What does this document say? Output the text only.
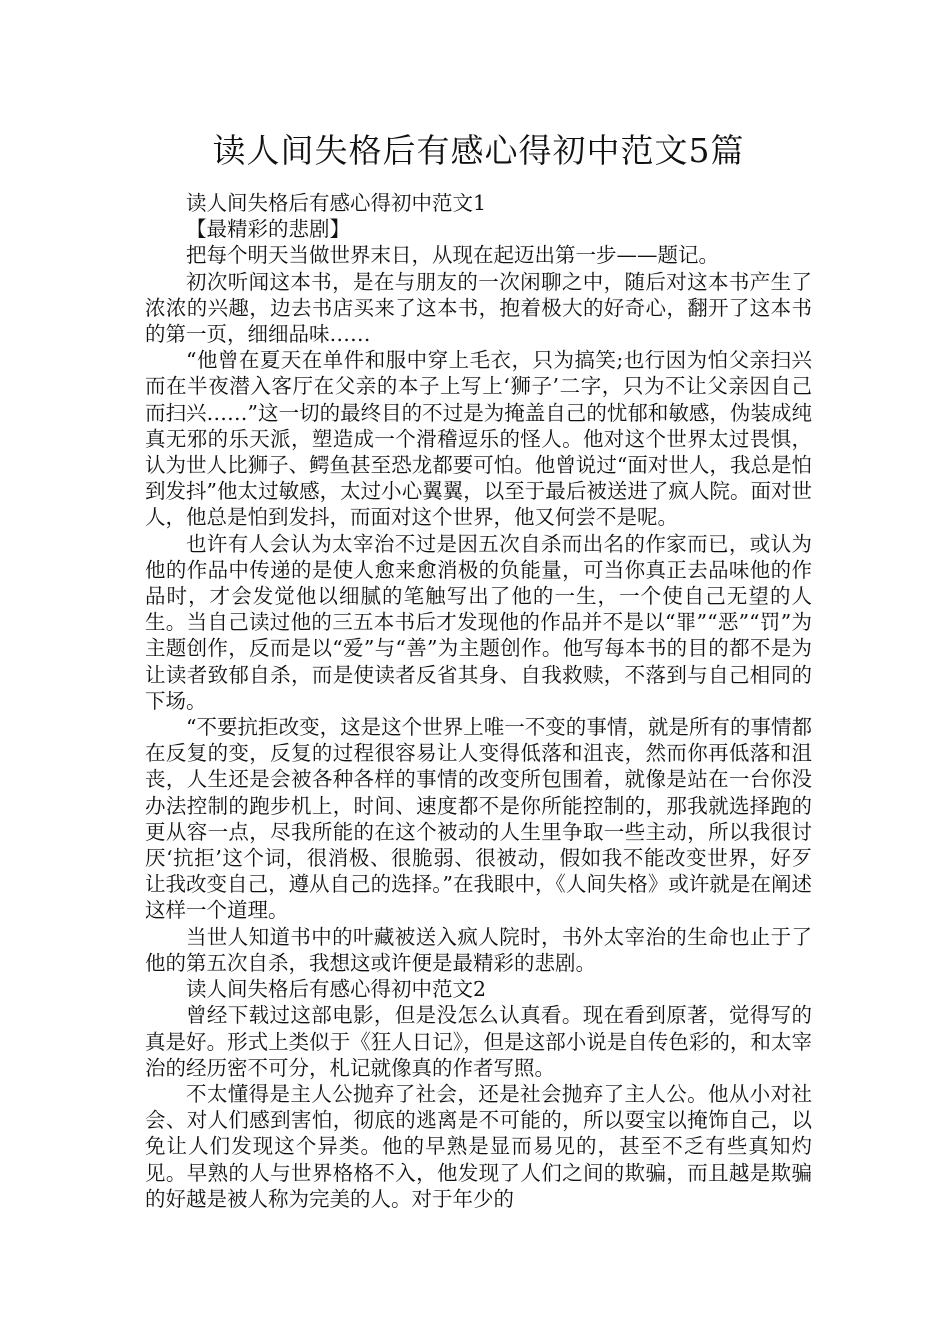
读人间失格后有感心得初中范文5篇

读人间失格后有感心得初中范文1

【最精彩的悲剧】

把每个明天当做世界末日，从现在起迈出第一步——题记。

初次听闻这本书，是在与朋友的一次闲聊之中，随后对这本书产生了浓浓的兴趣，边去书店买来了这本书，抱着极大的好奇心，翻开了这本书的第一页，细细品味……

“他曾在夏天在单件和服中穿上毛衣，只为搞笑;也行因为怕父亲扫兴而在半夜潜入客厅在父亲的本子上写上‘狮子’二字，只为不让父亲因自己而扫兴……”这一切的最终目的不过是为掩盖自己的忧郁和敏感，伪装成纯真无邪的乐天派，塑造成一个滑稽逗乐的怪人。他对这个世界太过畏惧，认为世人比狮子、鳄鱼甚至恐龙都要可怕。他曾说过“面对世人，我总是怕到发抖”他太过敏感，太过小心翼翼，以至于最后被送进了疯人院。面对世人，他总是怕到发抖，而面对这个世界，他又何尝不是呢。

也许有人会认为太宰治不过是因五次自杀而出名的作家而已，或认为他的作品中传递的是使人愈来愈消极的负能量，可当你真正去品味他的作品时，才会发觉他以细腻的笔触写出了他的一生，一个使自己无望的人生。当自己读过他的三五本书后才发现他的作品并不是以“罪”“恶”“罚”为主题创作，反而是以“爱”与“善”为主题创作。他写每本书的目的都不是为让读者致郁自杀，而是使读者反省其身、自我救赎，不落到与自己相同的下场。

“不要抗拒改变，这是这个世界上唯一不变的事情，就是所有的事情都在反复的变，反复的过程很容易让人变得低落和沮丧，然而你再低落和沮丧，人生还是会被各种各样的事情的改变所包围着，就像是站在一台你没办法控制的跑步机上，时间、速度都不是你所能控制的，那我就选择跑的更从容一点，尽我所能的在这个被动的人生里争取一些主动，所以我很讨厌‘抗拒’这个词，很消极、很脆弱、很被动，假如我不能改变世界，好歹让我改变自己，遵从自己的选择。”在我眼中，《人间失格》或许就是在阐述这样一个道理。

当世人知道书中的叶藏被送入疯人院时，书外太宰治的生命也止于了他的第五次自杀，我想这或许便是最精彩的悲剧。

读人间失格后有感心得初中范文2

曾经下载过这部电影，但是没怎么认真看。现在看到原著，觉得写的真是好。形式上类似于《狂人日记》，但是这部小说是自传色彩的，和太宰治的经历密不可分，札记就像真的作者写照。

不太懂得是主人公抛弃了社会，还是社会抛弃了主人公。他从小对社会、对人们感到害怕，彻底的逃离是不可能的，所以耍宝以掩饰自己，以免让人们发现这个异类。他的早熟是显而易见的，甚至不乏有些真知灼见。早熟的人与世界格格不入，他发现了人们之间的欺骗，而且越是欺骗的好越是被人称为完美的人。对于年少的
